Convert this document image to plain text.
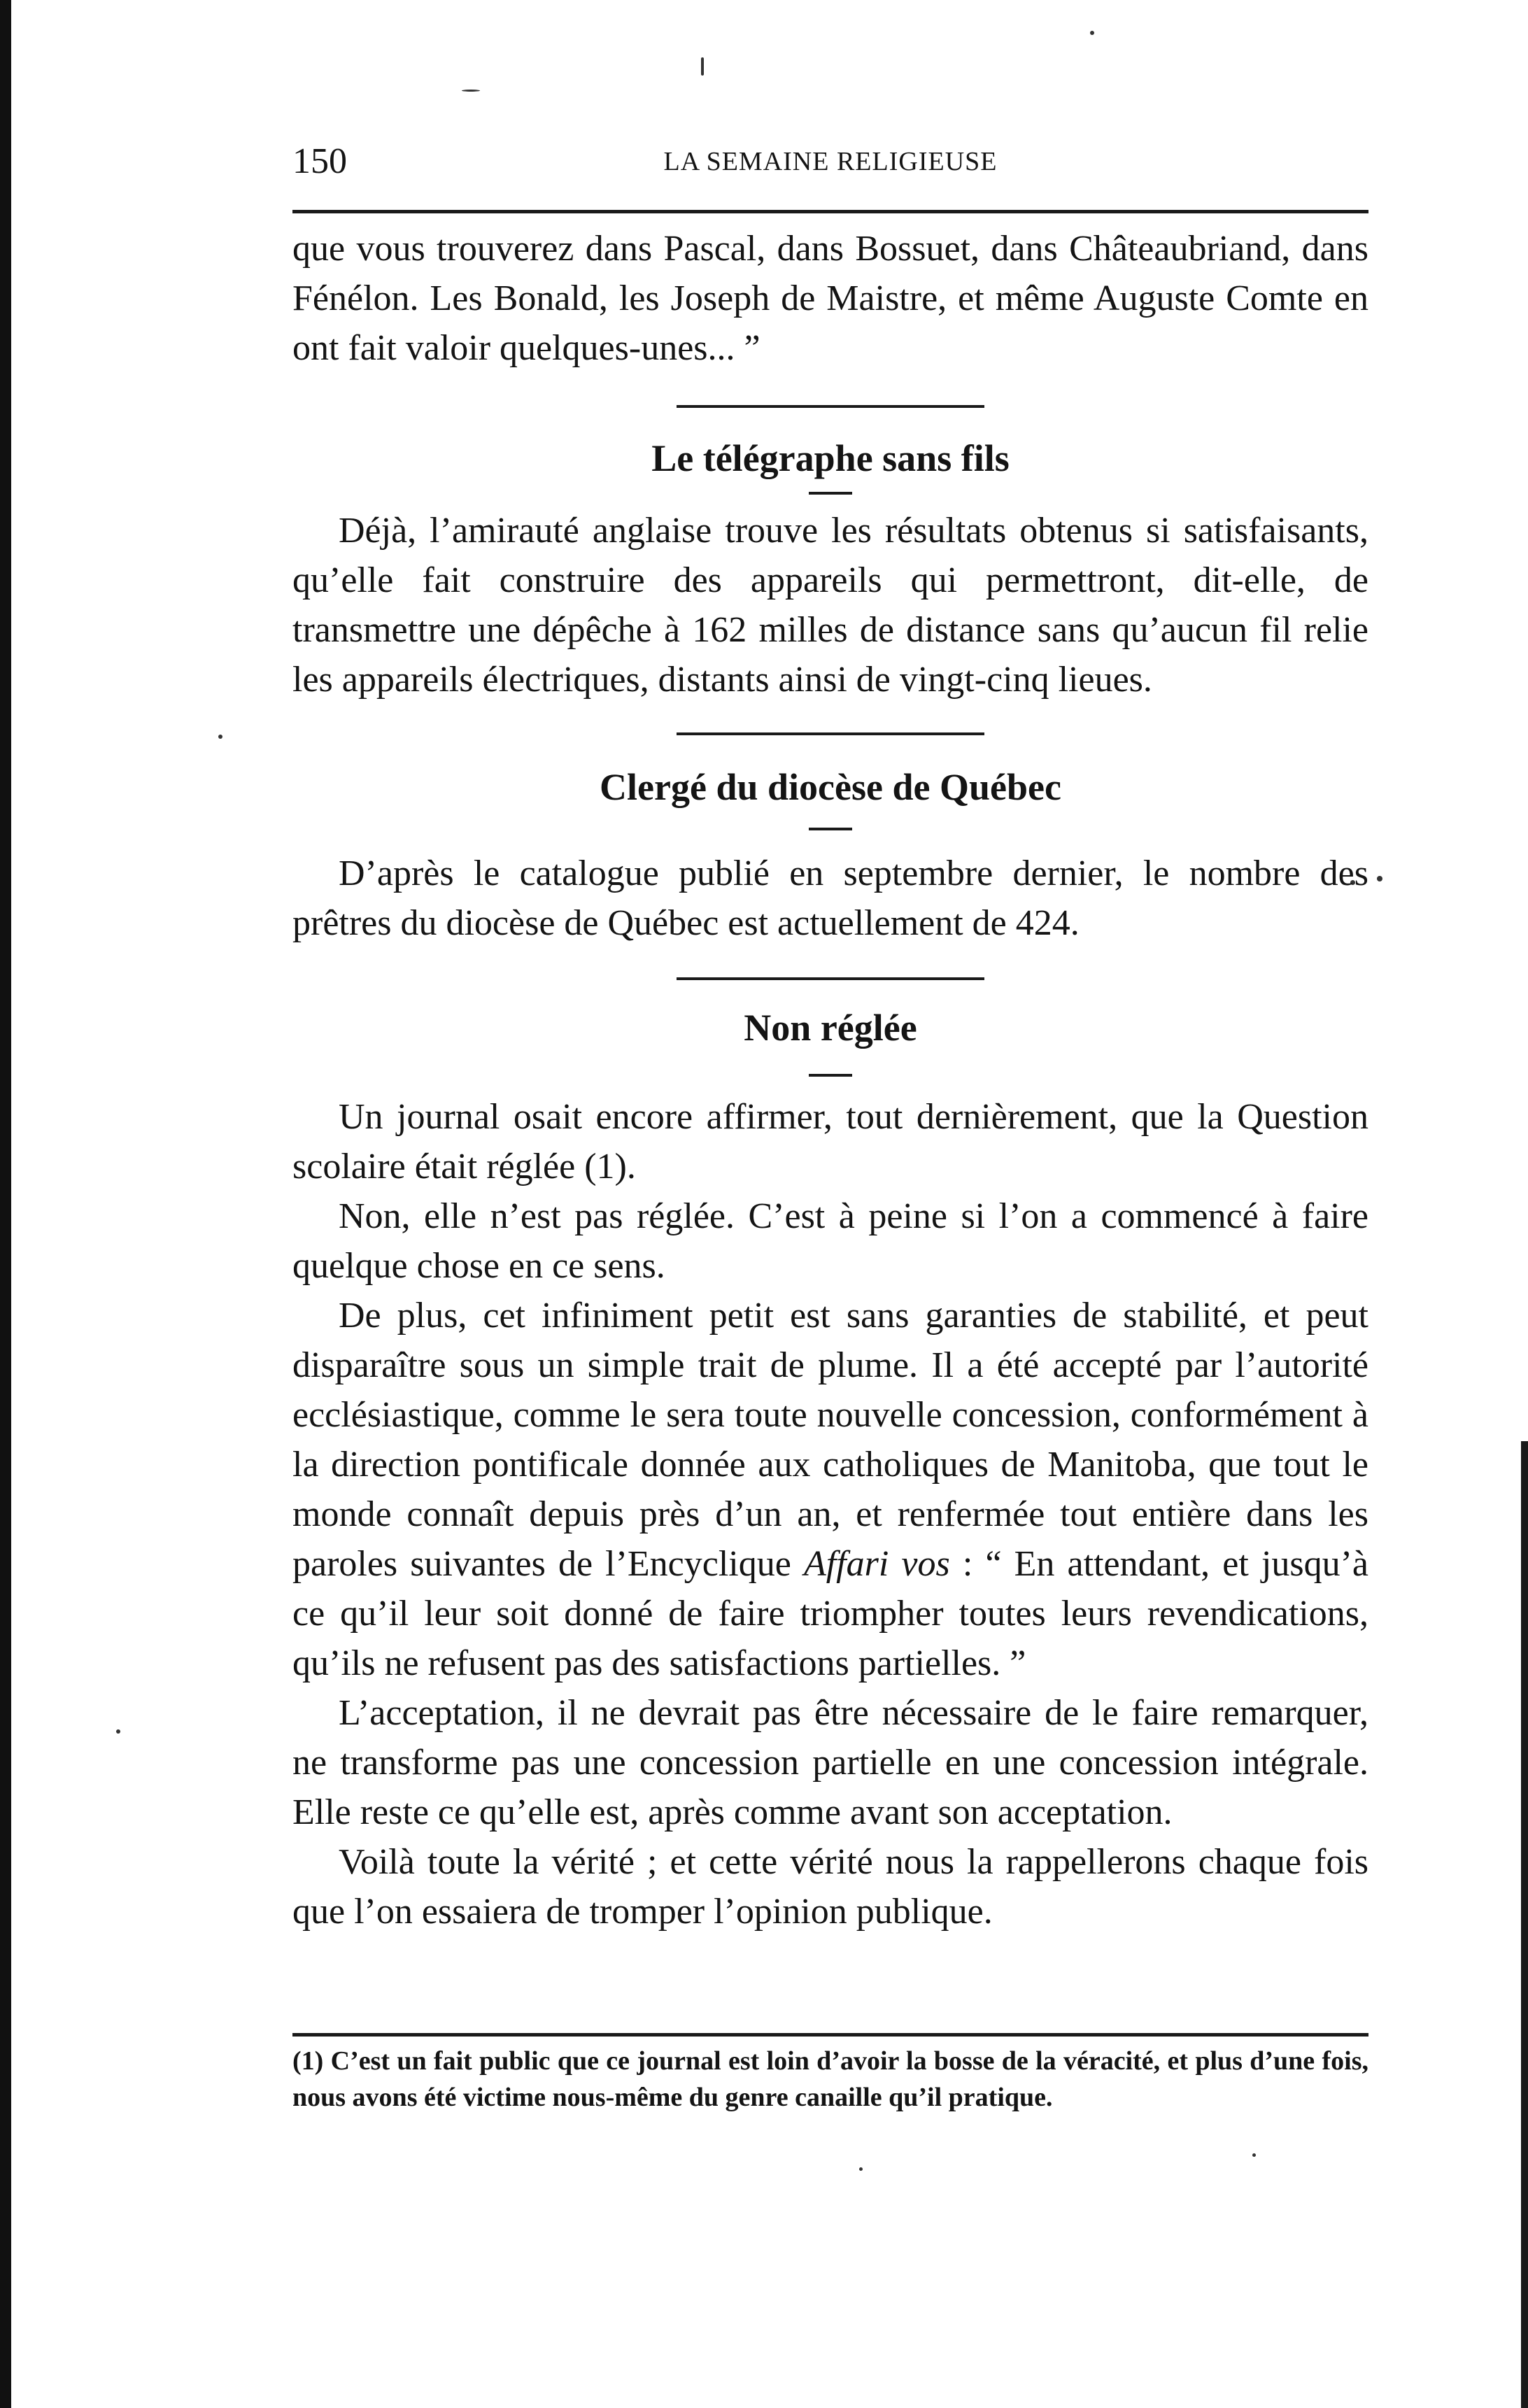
150	LA SEMAINE RELIGIEUSE

que vous trouverez dans Pascal, dans Bossuet, dans Châteaubriand, dans Fénélon. Les Bonald, les Joseph de Maistre, et même Auguste Comte en ont fait valoir quelques-unes... ”

Le télégraphe sans fils

Déjà, l’amirauté anglaise trouve les résultats obtenus si satisfaisants, qu’elle fait construire des appareils qui permettront, dit-elle, de transmettre une dépêche à 162 milles de distance sans qu’aucun fil relie les appareils électriques, distants ainsi de vingt-cinq lieues.

Clergé du diocèse de Québec

D’après le catalogue publié en septembre dernier, le nombre des prêtres du diocèse de Québec est actuellement de 424.

Non réglée

Un journal osait encore affirmer, tout dernièrement, que la Question scolaire était réglée (1).

Non, elle n’est pas réglée. C’est à peine si l’on a commencé à faire quelque chose en ce sens.

De plus, cet infiniment petit est sans garanties de stabilité, et peut disparaître sous un simple trait de plume. Il a été accepté par l’autorité ecclésiastique, comme le sera toute nouvelle concession, conformément à la direction pontificale donnée aux catholiques de Manitoba, que tout le monde connaît depuis près d’un an, et renfermée tout entière dans les paroles suivantes de l’Encyclique Affari vos : “ En attendant, et jusqu’à ce qu’il leur soit donné de faire triompher toutes leurs revendications, qu’ils ne refusent pas des satisfactions partielles. ”

L’acceptation, il ne devrait pas être nécessaire de le faire remarquer, ne transforme pas une concession partielle en une concession intégrale. Elle reste ce qu’elle est, après comme avant son acceptation.

Voilà toute la vérité ; et cette vérité nous la rappellerons chaque fois que l’on essaiera de tromper l’opinion publique.

(1) C’est un fait public que ce journal est loin d’avoir la bosse de la véracité, et plus d’une fois, nous avons été victime nous-même du genre canaille qu’il pratique.
